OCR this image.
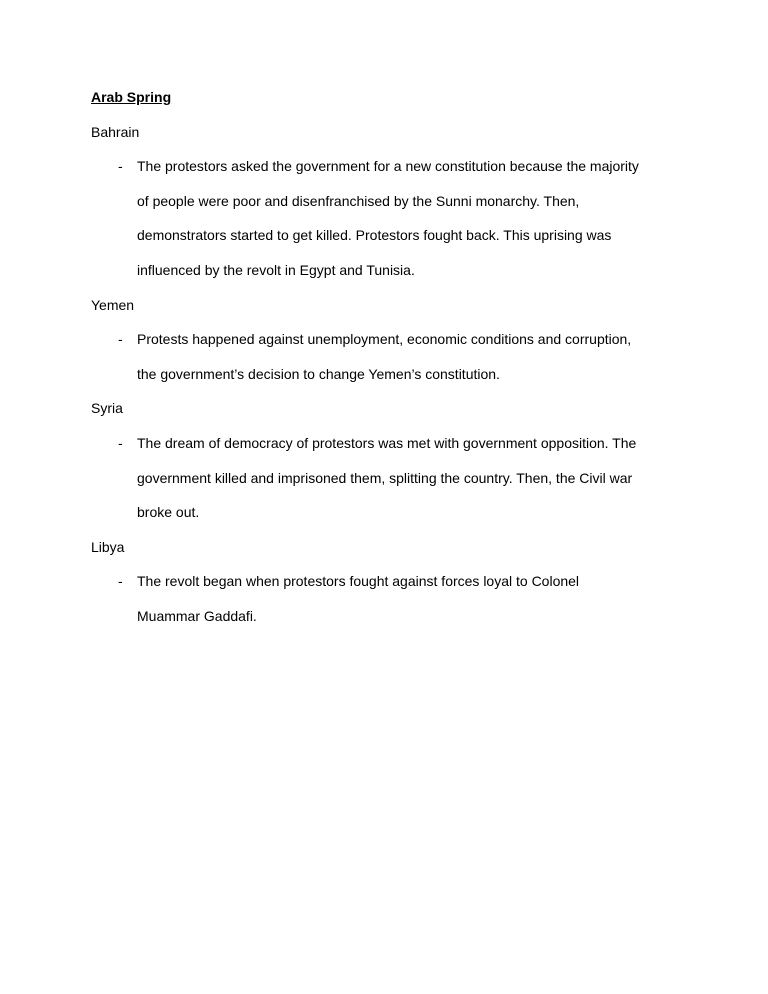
Arab Spring
Bahrain
-	The protestors asked the government for a new constitution because the majority
of people were poor and disenfranchised by the Sunni monarchy. Then,
demonstrators started to get killed. Protestors fought back. This uprising was
influenced by the revolt in Egypt and Tunisia.
Yemen
-	Protests happened against unemployment, economic conditions and corruption,
the government’s decision to change Yemen’s constitution.
Syria
-	The dream of democracy of protestors was met with government opposition. The
government killed and imprisoned them, splitting the country. Then, the Civil war
broke out.
Libya
-	The revolt began when protestors fought against forces loyal to Colonel
Muammar Gaddafi.
